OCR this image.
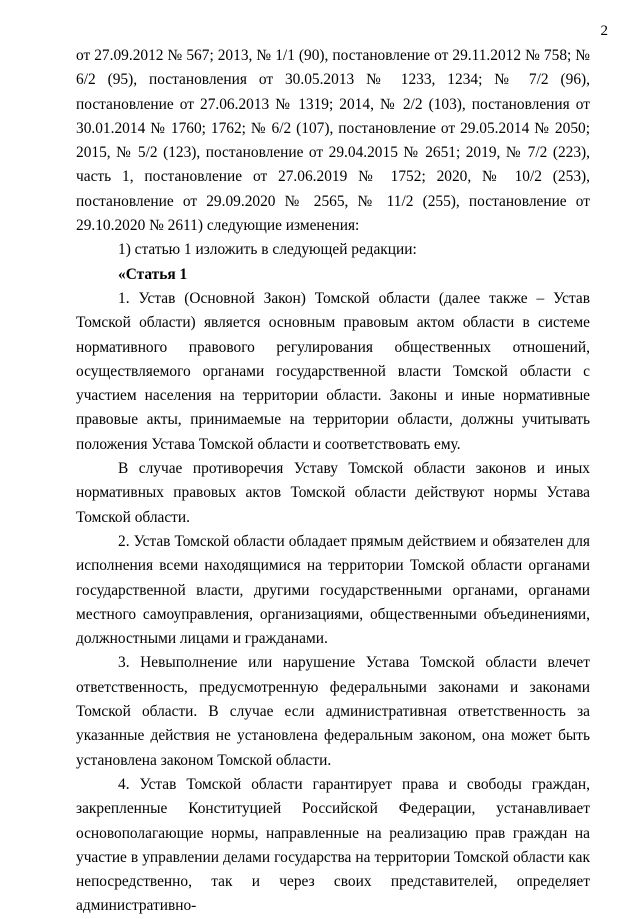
2

от 27.09.2012 № 567; 2013, № 1/1 (90), постановление от 29.11.2012 № 758; № 6/2 (95), постановления от 30.05.2013 № 1233, 1234; № 7/2 (96), постановление от 27.06.2013 № 1319; 2014, № 2/2 (103), постановления от 30.01.2014 № 1760; 1762; № 6/2 (107), постановление от 29.05.2014 № 2050; 2015, № 5/2 (123), постановление от 29.04.2015 № 2651; 2019, № 7/2 (223), часть 1, постановление от 27.06.2019 № 1752; 2020, № 10/2 (253), постановление от 29.09.2020 № 2565, № 11/2 (255), постановление от 29.10.2020 № 2611) следующие изменения:

1) статью 1 изложить в следующей редакции:

«Статья 1

1. Устав (Основной Закон) Томской области (далее также – Устав Томской области) является основным правовым актом области в системе нормативного правового регулирования общественных отношений, осуществляемого органами государственной власти Томской области с участием населения на территории области. Законы и иные нормативные правовые акты, принимаемые на территории области, должны учитывать положения Устава Томской области и соответствовать ему.

В случае противоречия Уставу Томской области законов и иных нормативных правовых актов Томской области действуют нормы Устава Томской области.

2. Устав Томской области обладает прямым действием и обязателен для исполнения всеми находящимися на территории Томской области органами государственной власти, другими государственными органами, органами местного самоуправления, организациями, общественными объединениями, должностными лицами и гражданами.

3. Невыполнение или нарушение Устава Томской области влечет ответственность, предусмотренную федеральными законами и законами Томской области. В случае если административная ответственность за указанные действия не установлена федеральным законом, она может быть установлена законом Томской области.

4. Устав Томской области гарантирует права и свободы граждан, закрепленные Конституцией Российской Федерации, устанавливает основополагающие нормы, направленные на реализацию прав граждан на участие в управлении делами государства на территории Томской области как непосредственно, так и через своих представителей, определяет административно-
